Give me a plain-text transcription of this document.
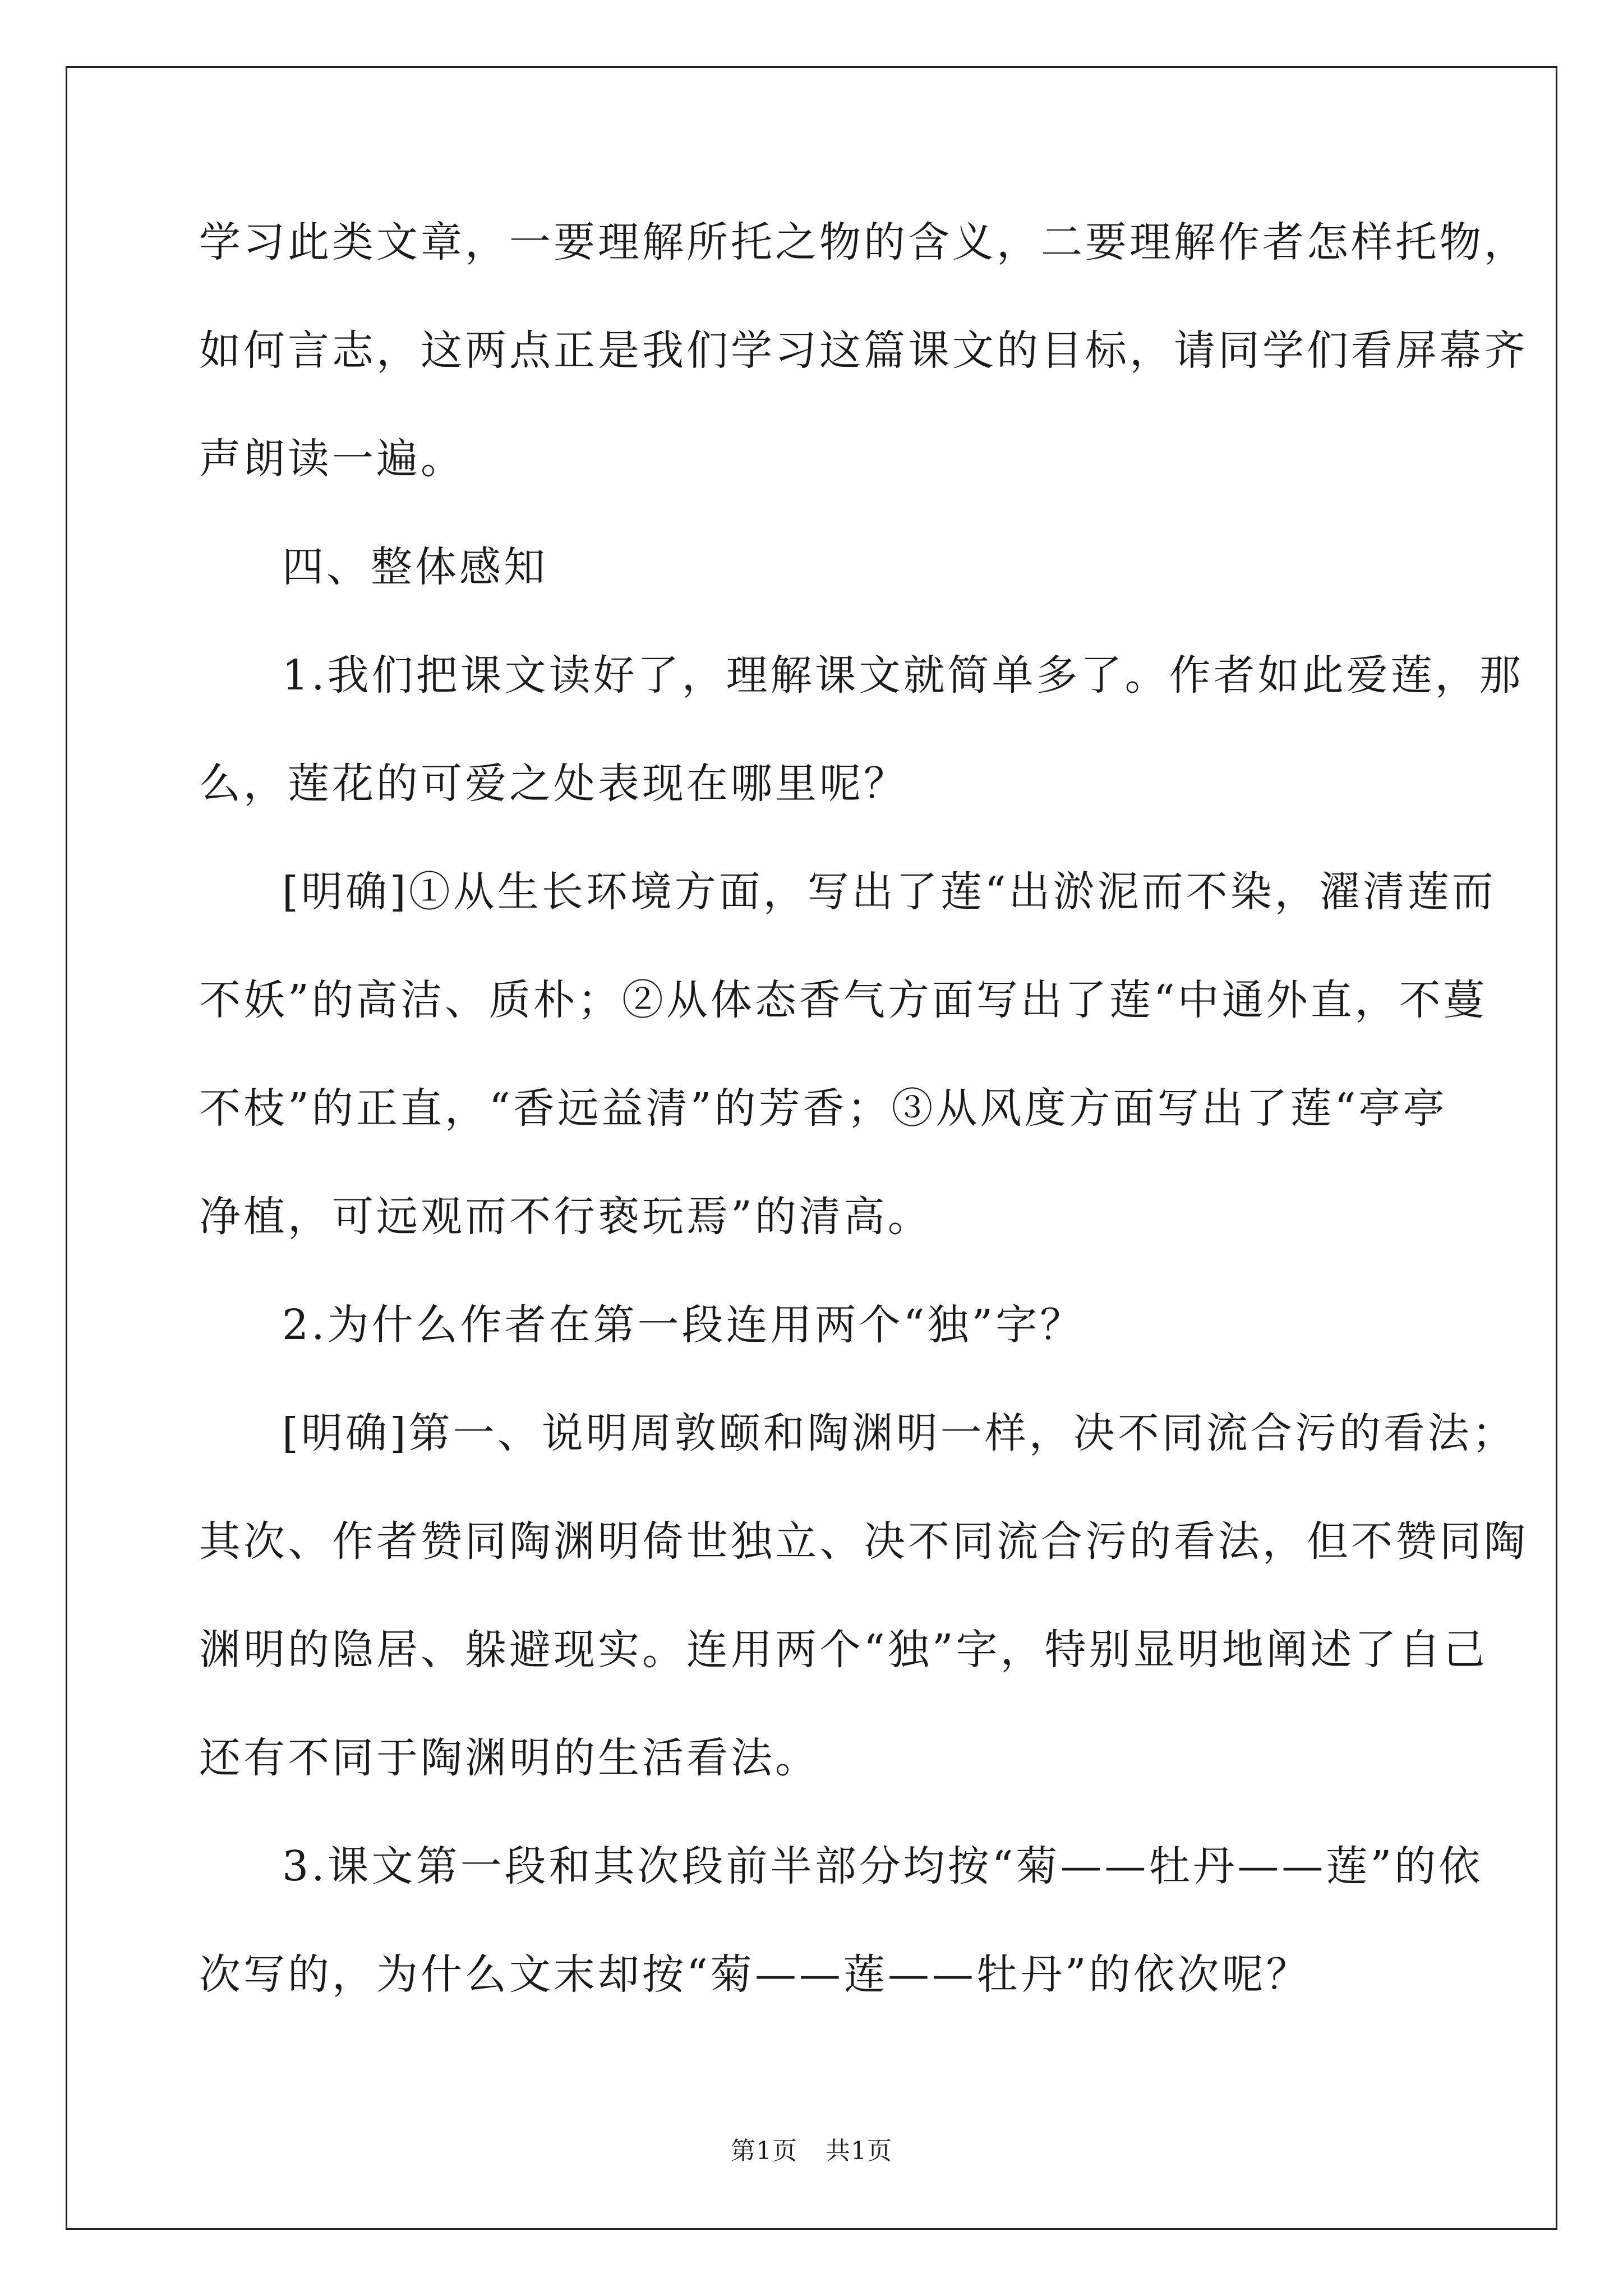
学习此类文章，一要理解所托之物的含义，二要理解作者怎样托物，

如何言志，这两点正是我们学习这篇课文的目标，请同学们看屏幕齐

声朗读一遍。

四、整体感知

1.我们把课文读好了，理解课文就简单多了。作者如此爱莲，那

么，莲花的可爱之处表现在哪里呢？

[明确]①从生长环境方面，写出了莲“出淤泥而不染，濯清莲而

不妖”的高洁、质朴；②从体态香气方面写出了莲“中通外直，不蔓

不枝”的正直，“香远益清”的芳香；③从风度方面写出了莲“亭亭

净植，可远观而不行亵玩焉”的清高。

2.为什么作者在第一段连用两个“独”字？

[明确]第一、说明周敦颐和陶渊明一样，决不同流合污的看法；

其次、作者赞同陶渊明倚世独立、决不同流合污的看法，但不赞同陶

渊明的隐居、躲避现实。连用两个“独”字，特别显明地阐述了自己

还有不同于陶渊明的生活看法。

3.课文第一段和其次段前半部分均按“菊——牡丹——莲”的依

次写的，为什么文末却按“菊——莲——牡丹”的依次呢？

第1页 共1页
